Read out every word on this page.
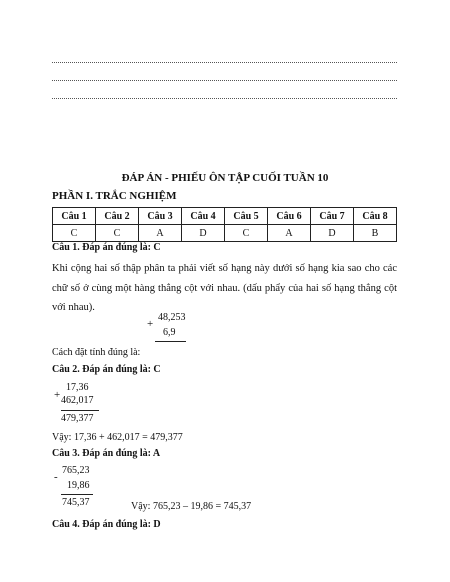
ĐÁP ÁN - PHIẾU ÔN TẬP CUỐI TUẦN 10
PHẦN I. TRẮC NGHIỆM
Câu 1	Câu 2	Câu 3	Câu 4	Câu 5	Câu 6	Câu 7	Câu 8
C	C	A	D	C	A	D	B
Câu 1. Đáp án đúng là: C
Khi cộng hai số thập phân ta phải viết số hạng này dưới số hạng kia sao cho các chữ số ở cùng một hàng thẳng cột với nhau. (dấu phẩy của hai số hạng thẳng cột với nhau).
+
48,253
6,9
Cách đặt tính đúng là:
Câu 2. Đáp án đúng là: C
17,36
+ 462,017
479,377
Vậy: 17,36 + 462,017 = 479,377
Câu 3. Đáp án đúng là: A
765,23
-
19,86
745,37	Vậy: 765,23 – 19,86 = 745,37
Câu 4. Đáp án đúng là: D
